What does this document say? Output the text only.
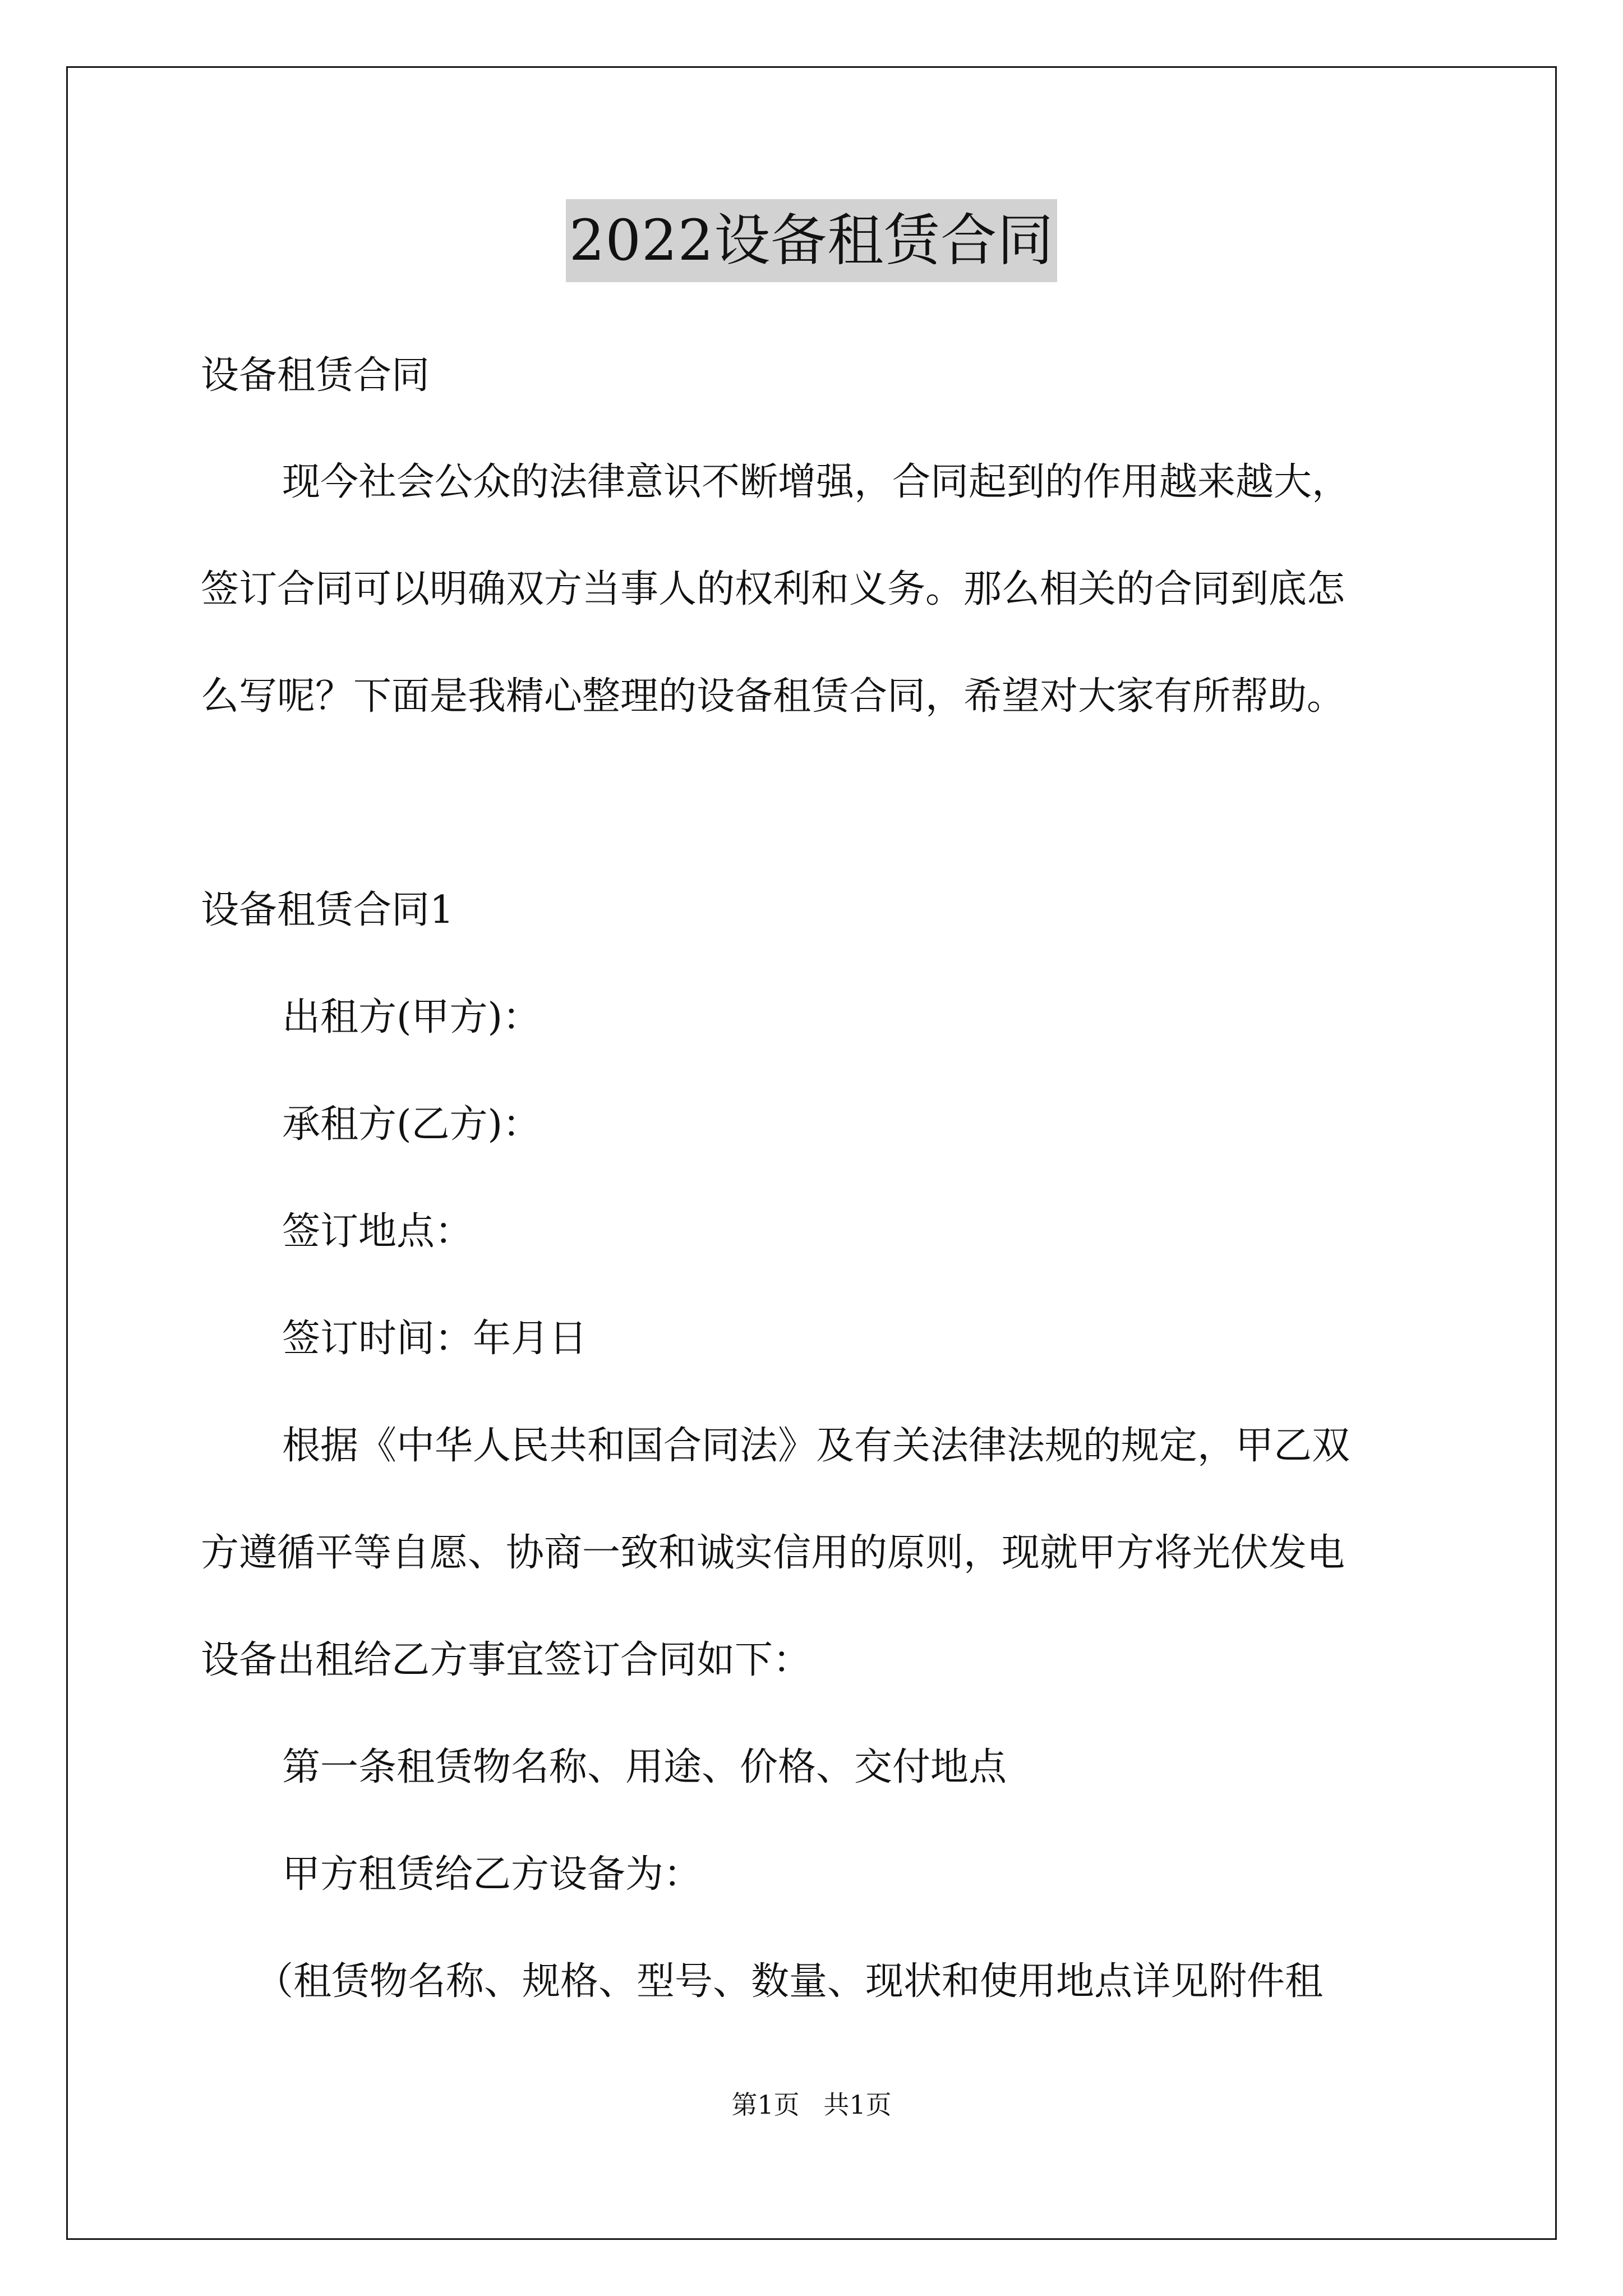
2022设备租赁合同
设备租赁合同
现今社会公众的法律意识不断增强，合同起到的作用越来越大，
签订合同可以明确双方当事人的权利和义务。那么相关的合同到底怎
么写呢？下面是我精心整理的设备租赁合同，希望对大家有所帮助。
设备租赁合同1
出租方(甲方)：
承租方(乙方)：
签订地点：
签订时间：年月日
根据《中华人民共和国合同法》及有关法律法规的规定，甲乙双
方遵循平等自愿、协商一致和诚实信用的原则，现就甲方将光伏发电
设备出租给乙方事宜签订合同如下：
第一条租赁物名称、用途、价格、交付地点
甲方租赁给乙方设备为：
（租赁物名称、规格、型号、数量、现状和使用地点详见附件租
第1页 共1页
